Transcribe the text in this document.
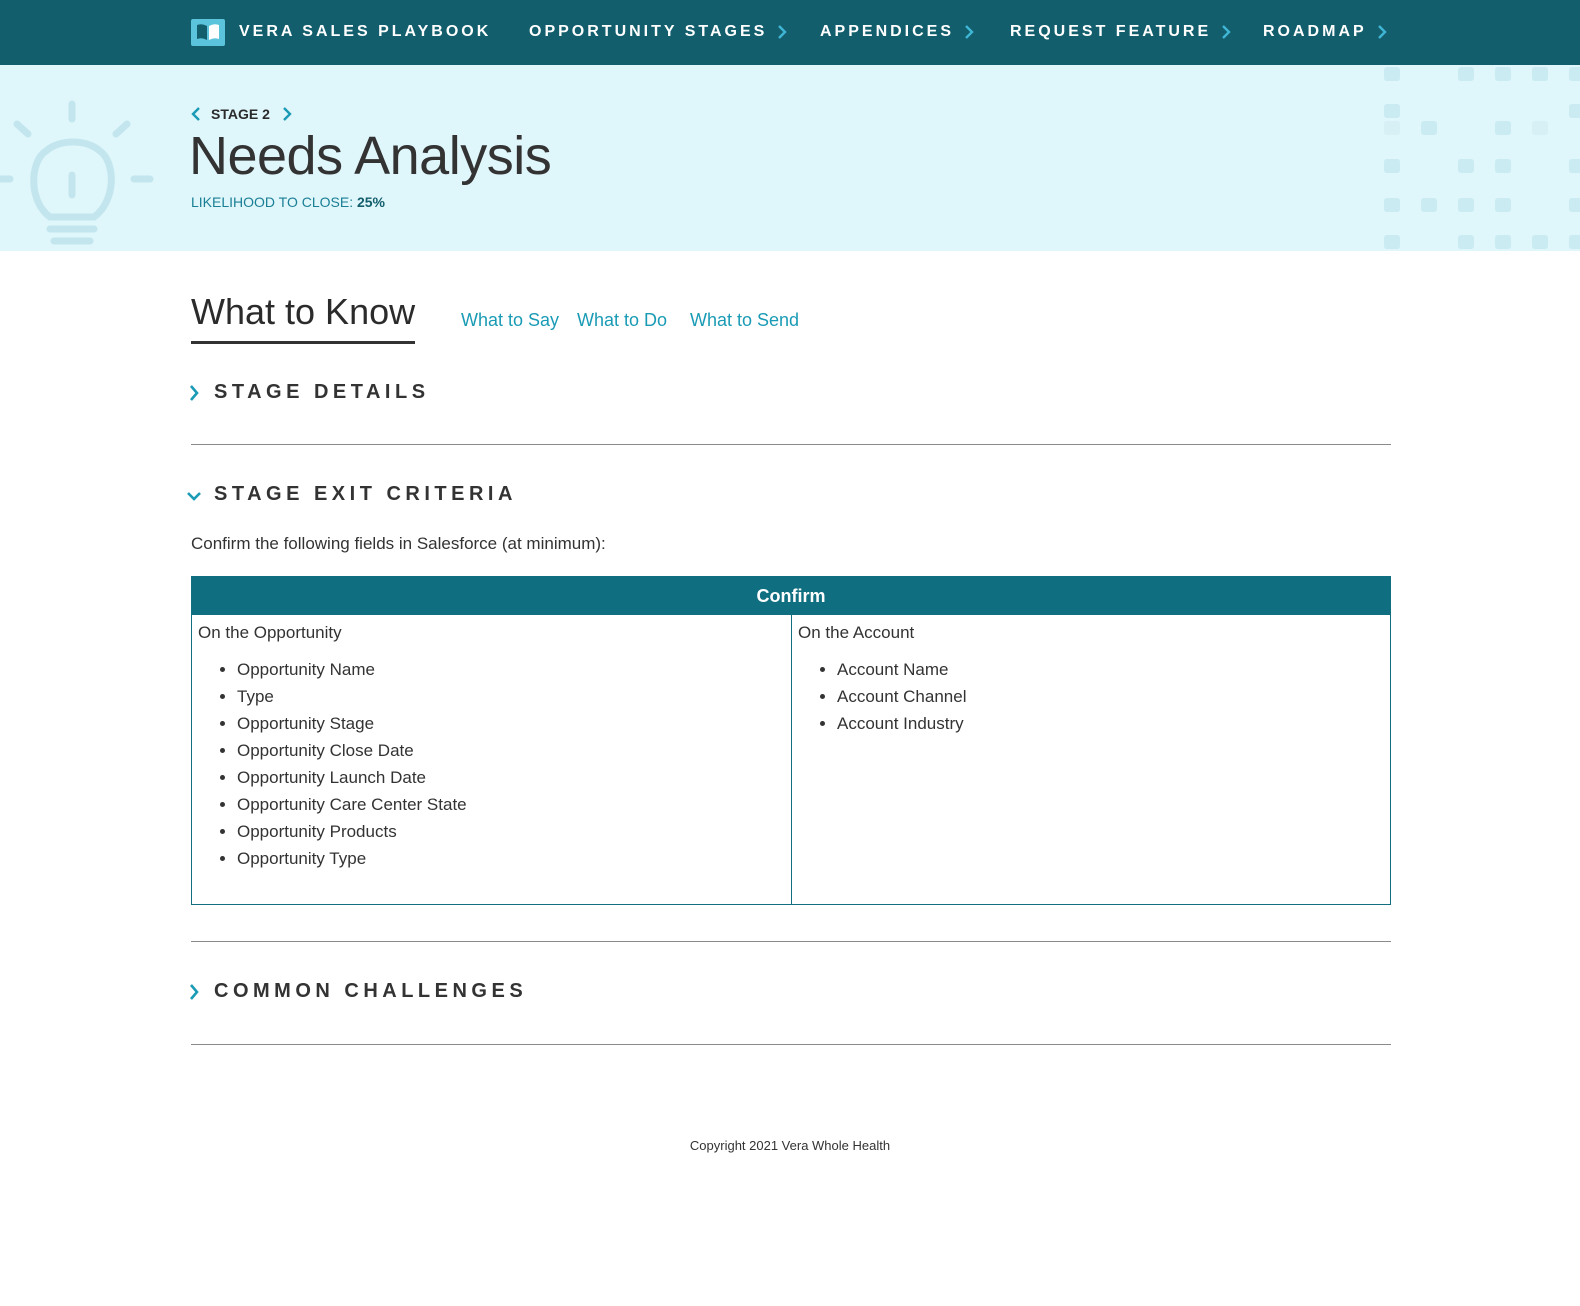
VERA SALES PLAYBOOK OPPORTUNITY STAGES	APPENDICES	REQUEST FEATURE	ROADMAP
STAGE 2
Needs Analysis
LIKELIHOOD TO CLOSE: 25%
What to Know	What to Say What to Do What to Send
STAGE DETAILS
STAGE EXIT CRITERIA
Confirm the following fields in Salesforce (at minimum):
Confirm
On the Opportunity
• Opportunity Name
• Type
• Opportunity Stage
• Opportunity Close Date
• Opportunity Launch Date
• Opportunity Care Center State
• Opportunity Products
• Opportunity Type
On the Account
• Account Name
• Account Channel
• Account Industry
COMMON CHALLENGES
Copyright 2021 Vera Whole Health
